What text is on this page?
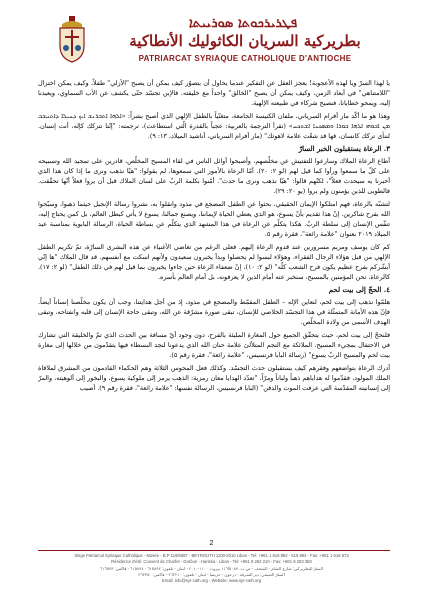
ܦܛܪܝܪܟܘܬܐ ܣܘܪܝܝܬܐ
بطريركية السريان الكاثوليك الأنطاكية
PATRIARCAT SYRIAQUE CATHOLIQUE D'ANTIOCHE

يا لهذا السرّ ويا لهذه الأعجوبة! يعجز العقل عن التفكير عندما يحاول أن يتصوّر كيف يمكن أن يصبح "الأزلي" طفلاً، وكيف يمكن اختزال "اللامتناهي" في أبعاد الزمن، وكيف يمكن أن يصبح "الخالق" واحداً مع خليقته. فالإبن تجسّد حتّى يكشف عن الآب السماوي، ويعيدنا إليه، ويمحو خطايانا، فنصبح شركاء في طبيعته الإلهية.

وهذا هو ما أكّد مار أفرام السرياني، ملفان الكنيسة الجامعة، متغنّياً بالطفل الإلهي الذي أصبح بشراً: «ܐܠܗܐ ܐܬܒܪܢܫ ܐܝܟ ܕܚܝܠܐ ܕܐܬܚܫܒ ܡܢ ܐܒܘܗܝ ܐܠܗܐ ܒܘܪܐ ܘܡܣܟܢܐ ܐܫܬܟܚ» (نقرأ الترجمة بالعربية: عجباً بالقدرة الّتي استطاعت)، ترجمته: "إنّنا نتركك كإله، أنت إنسان. لننأى تركك كانسان، فها قد شعّت علامة لاهوتك" (مار أفرام السرياني، أناشيد الميلاد، ١٣: ٩).

٣. الرعاة يستقبلون الخبر السارّ

أطاع الرعاة الملاك وسارعوا للتفتيش عن مخلّصهم، وأصبحوا أوائل الناس في لقاء المسيح المخلّص، قادرين على تمجيد الله وتسبيحه على كلّ ما سمعوا ورأوا كما قيل لهم (لو ٢: ٢٠). أمّا الرعاة بالأمور التي سمعوها، لم يقولوا: "هيّا نذهب ونرى ما إذا كان هذا الذي أخبرنا به سيحدث فعلاً"، لكنّهم قالوا: "هيّا نذهب ونرى ما حدث". أمّنوا بكلمة الربّ على لسان الملاك قبل أن يروا فعلاً أنّها تحقّقت. فالطوبى للذين يؤمنون ولم يروا (يو ٢٠: ٢٩).

لتشبّه بالرعاة، فهم امتلكوا الإيمان الحقيقي، بحثوا عن الطفل المضجع في مذود وانقلوا به، نشروا رسالة الإنجيل حيثما ذهبوا، وسبّحوا الله بفرح شاكرين. إنّ هذا تقديم بأنّ يسوع، هو الذي يعطي الحياة لإيماننا، ويصنع جمالنا، يسوع لا يأتي كبطل العالم، بل كمن يحتاج إليه، تنفّس الإنسان إلى سلطة الربّ. هكذا يتكلّم عن الرعاة في هذا المشهد الذي يتكلّم عن بساطة الحياة، الرسالة البابوية بمناسبة عيد الميلاد ٢٠١٩ بعنوان "علامة رائعة"، فقرة رقم ٥.

كم كان يوسف ومريم مسرورين عند قدوم الرعاة إليهم. فعلى الرغم من تغاضي الأغنياء عن هذه البشرى السارّة، تمّ تكريم الطفل الإلهي من قبل هؤلاء الرجال الفقراء، وهؤلاء لبسوا لم يحصلوا وبدأ يخبرون سعيدون ولأنهم اسكت مع أنفسهم. قد قال الملاك "ها إنّي أبشّركم بفرح عظيم يكون فرح الشعب كلّه" (لو ٢: ١٠)، إنّ ضعفاء الرعاة حين جاءوا يخبرون بما قيل لهم في ذلك الطفل" (لو ٢: ١٧). كالرعاة، نحن المؤمنين بالمسيح، سنخبر عنه أمام الذين لا يعرفونه، بل أمام العالم بأسره.

٤. الحجّ إلى بيت لحم

هلمّوا نذهب إلى بيت لحم، لنعاين الإله – الطفل المقمّط والمضجع في مذود، إذ من أجل هدايتنا، وجب أن يكون مخلّصنا إنساناً أيضاً. فإنّ هذه الأمانة المتمثّلة في هذا التجسّد الخلاصي للإنسان، تبقى صورة مشرّقة عن الله، وتبقى حاجة الإنسان إلى قلبه وانفتاحه، وتبقى الهدف الأسمى من ولادة المخلّص.

فلنحجّ إلى بيت لحم، حيث يتحقّق الجميع حول المغارة المليئة بالفرح، دون وجود أيّ مسافة بين الحدث الذي تمّ والخليقة التي تشارك في الاحتفال بمجيء المسيح. الملائكة مع النجم المتلألئ علامة حنان الله الذي يدعونا لنجد البسطاء فيها يتقدّمون من خلالها إلى مغارة بيت لحم والمسيح الربّ يسوع" (رسالة البابا فرنسيس، "علامة رائعة"، فقرة رقم ٥).

أدرك الرعاة بتواضعهم وفقرهم كيف يستقبلون حدث التجسّد. وكذلك فعل المجوس الثلاثة وهم الحكماء القادمون من المشرق لملاقاة الملك المولود، فقدّموا له هداياهم ذهباً ولباناً ومرّاً. "تعدّد الهدايا معان رمزية: الذهب يرمز إلى ملوكية يسوع، والبخور إلى ألوهيته، والمرّ إلى إنسانيته المقدّسة التي عرفت الموت والدفن" (البابا فرنسيس، الرسالة نفسها: "علامة رائعة"، فقرة رقم ٩). أصيب

2
Siège Patriarcal Syriaque Catholique - Musée - B.P 116/5087 - BEYROUTH 1100-2010 Liban - Tel: +961 1 615 892 - 615 894 - Fax: +961 1 616 573
Résidence d'été: Couvent de Charfet - Darôun - Harissa - Liban - Tel: +961 9 262 210 - Fax: +961 9 263 350
المقرّ البطريركي: شارع الشام - المتحف - ص.ب. ١١٦/٥٠٨٧ بيروت ١١٠٠-٢٠١٠ - لبنان - تلفون: ٦١٥٨٩٢ - ٦١٥٨٩٤ - فاكس: ٦١٦٥٧٣
المقرّ الصيفي: دير الشرفة - درعون - حريصا - لبنان - تلفون: ٢٦٢٢١٠ - فاكس: ٢٦٣٣٥٠
Email: info@syr-cath.org - Website: www.syr-cath.org
